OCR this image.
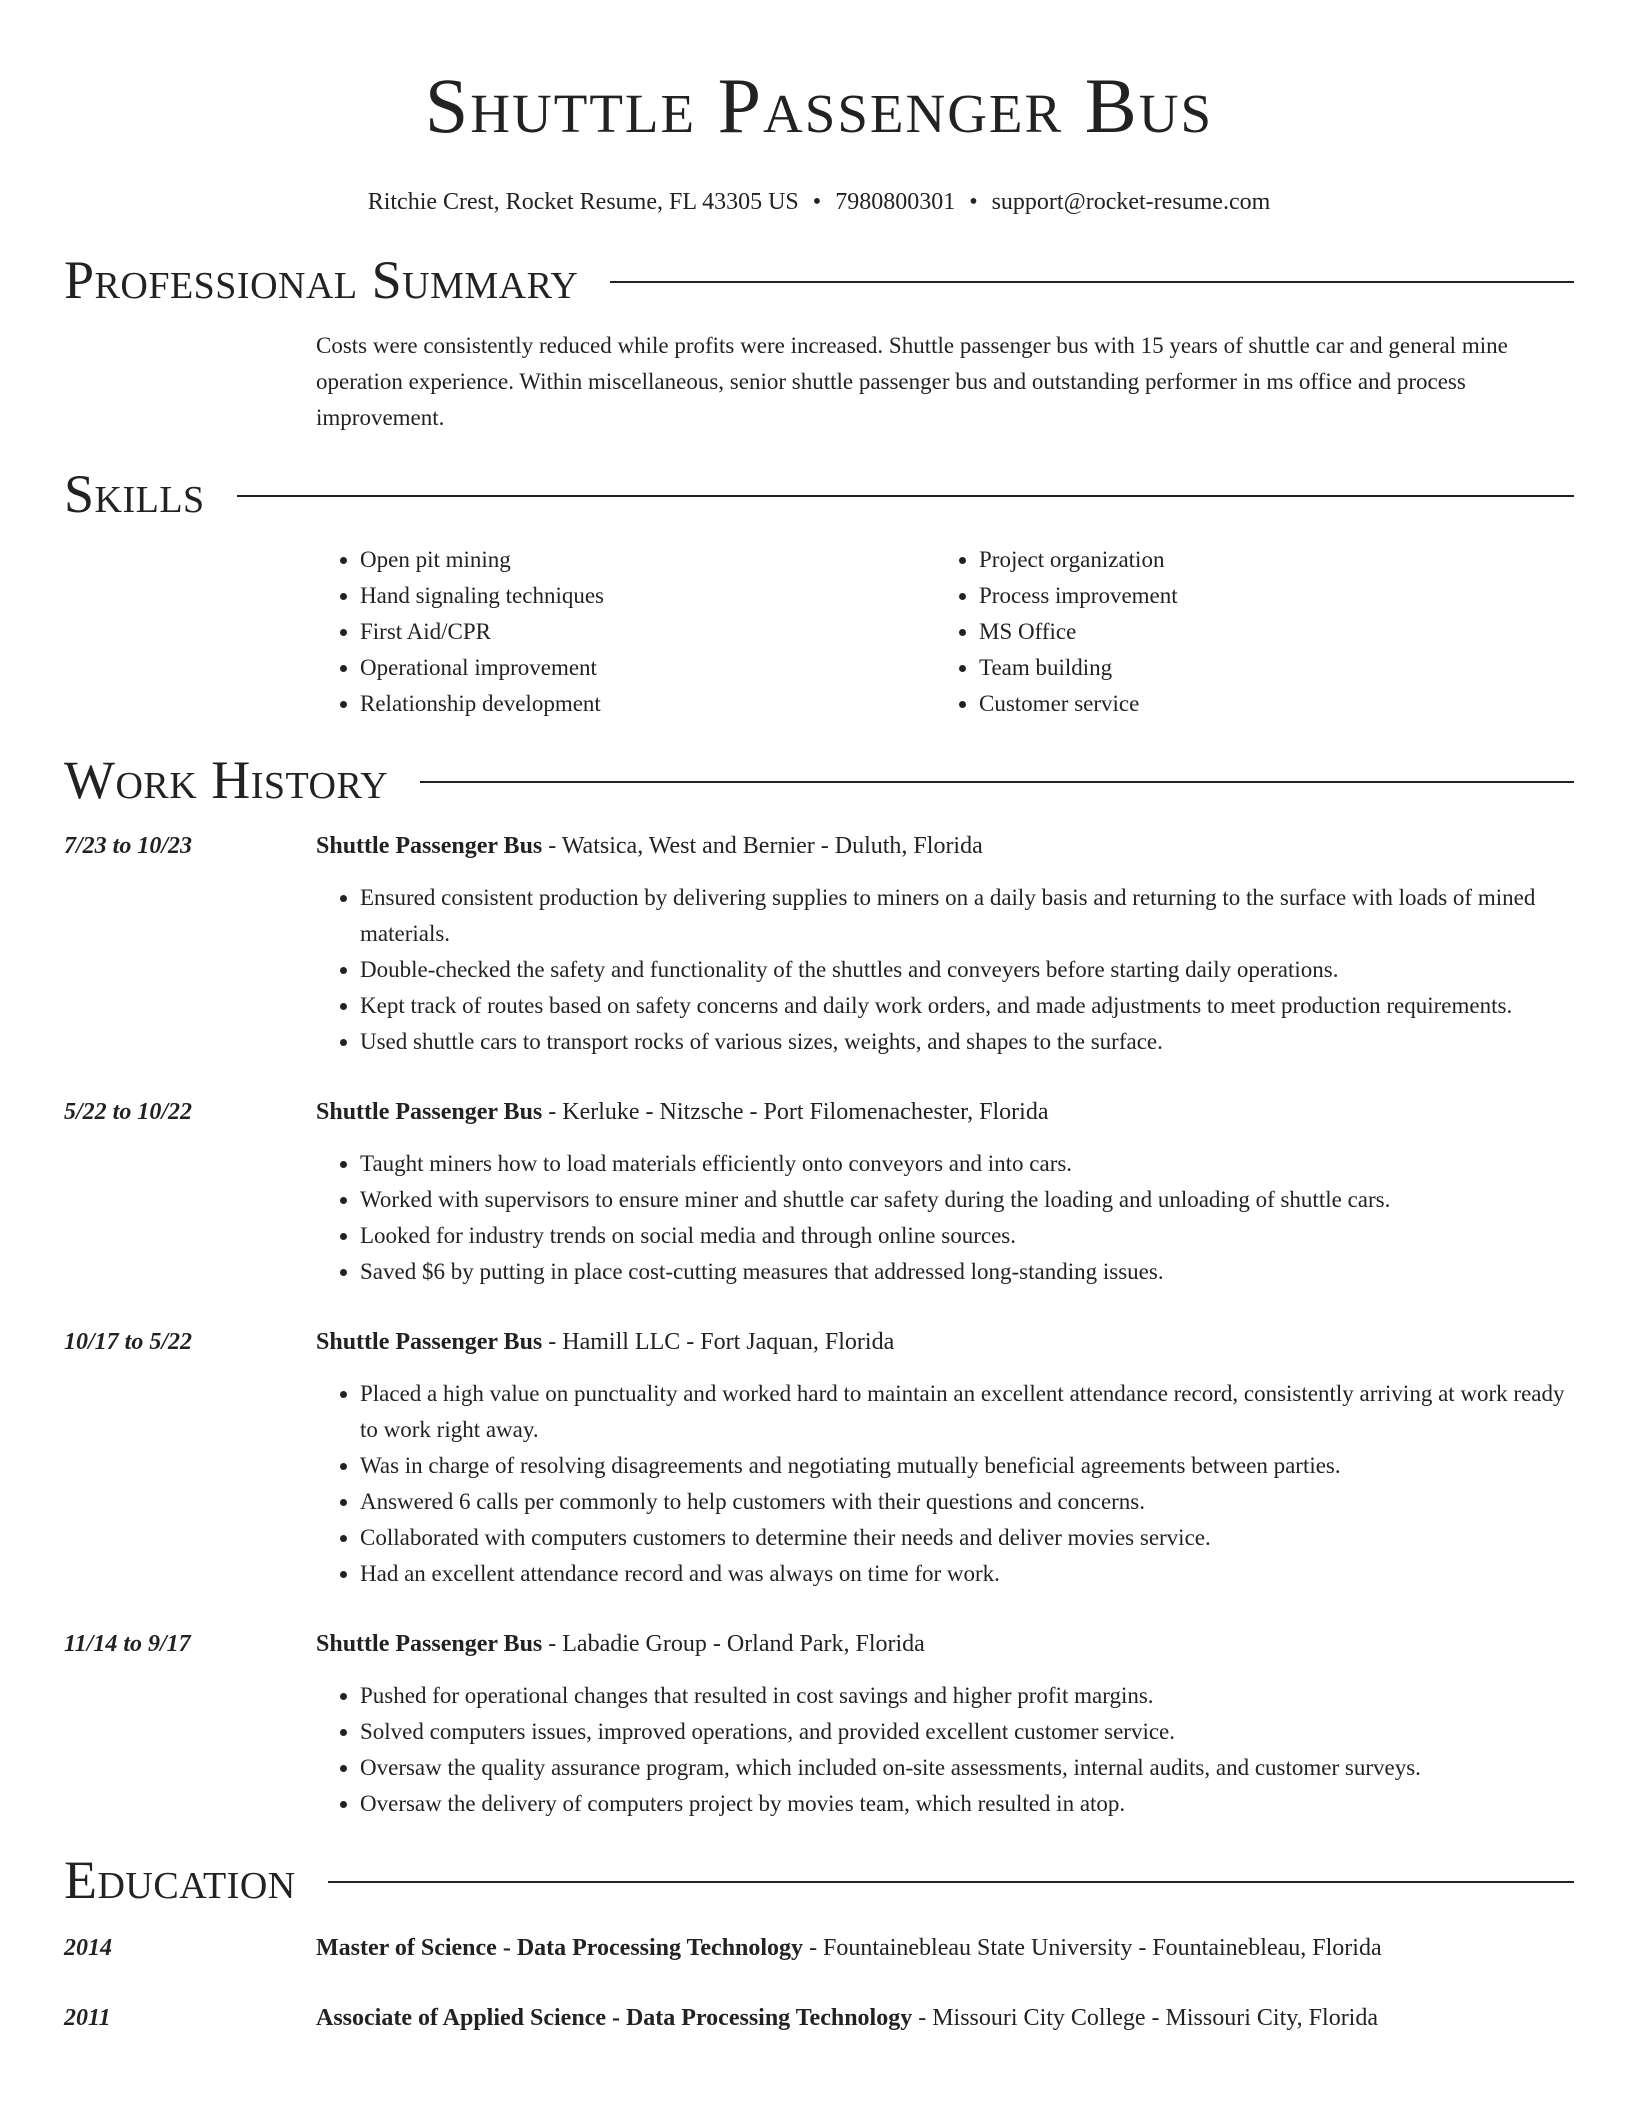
Shuttle Passenger Bus
Ritchie Crest, Rocket Resume, FL 43305 US • 7980800301 • support@rocket-resume.com
Professional Summary
Costs were consistently reduced while profits were increased. Shuttle passenger bus with 15 years of shuttle car and general mine operation experience. Within miscellaneous, senior shuttle passenger bus and outstanding performer in ms office and process improvement.
Skills
• Open pit mining
• Hand signaling techniques
• First Aid/CPR
• Operational improvement
• Relationship development
• Project organization
• Process improvement
• MS Office
• Team building
• Customer service
Work History
7/23 to 10/23	Shuttle Passenger Bus - Watsica, West and Bernier - Duluth, Florida
• Ensured consistent production by delivering supplies to miners on a daily basis and returning to the surface with loads of mined materials.
• Double-checked the safety and functionality of the shuttles and conveyers before starting daily operations.
• Kept track of routes based on safety concerns and daily work orders, and made adjustments to meet production requirements.
• Used shuttle cars to transport rocks of various sizes, weights, and shapes to the surface.
5/22 to 10/22	Shuttle Passenger Bus - Kerluke - Nitzsche - Port Filomenachester, Florida
• Taught miners how to load materials efficiently onto conveyors and into cars.
• Worked with supervisors to ensure miner and shuttle car safety during the loading and unloading of shuttle cars.
• Looked for industry trends on social media and through online sources.
• Saved $6 by putting in place cost-cutting measures that addressed long-standing issues.
10/17 to 5/22	Shuttle Passenger Bus - Hamill LLC - Fort Jaquan, Florida
• Placed a high value on punctuality and worked hard to maintain an excellent attendance record, consistently arriving at work ready to work right away.
• Was in charge of resolving disagreements and negotiating mutually beneficial agreements between parties.
• Answered 6 calls per commonly to help customers with their questions and concerns.
• Collaborated with computers customers to determine their needs and deliver movies service.
• Had an excellent attendance record and was always on time for work.
11/14 to 9/17	Shuttle Passenger Bus - Labadie Group - Orland Park, Florida
• Pushed for operational changes that resulted in cost savings and higher profit margins.
• Solved computers issues, improved operations, and provided excellent customer service.
• Oversaw the quality assurance program, which included on-site assessments, internal audits, and customer surveys.
• Oversaw the delivery of computers project by movies team, which resulted in atop.
Education
2014	Master of Science - Data Processing Technology - Fountainebleau State University - Fountainebleau, Florida
2011	Associate of Applied Science - Data Processing Technology - Missouri City College - Missouri City, Florida
